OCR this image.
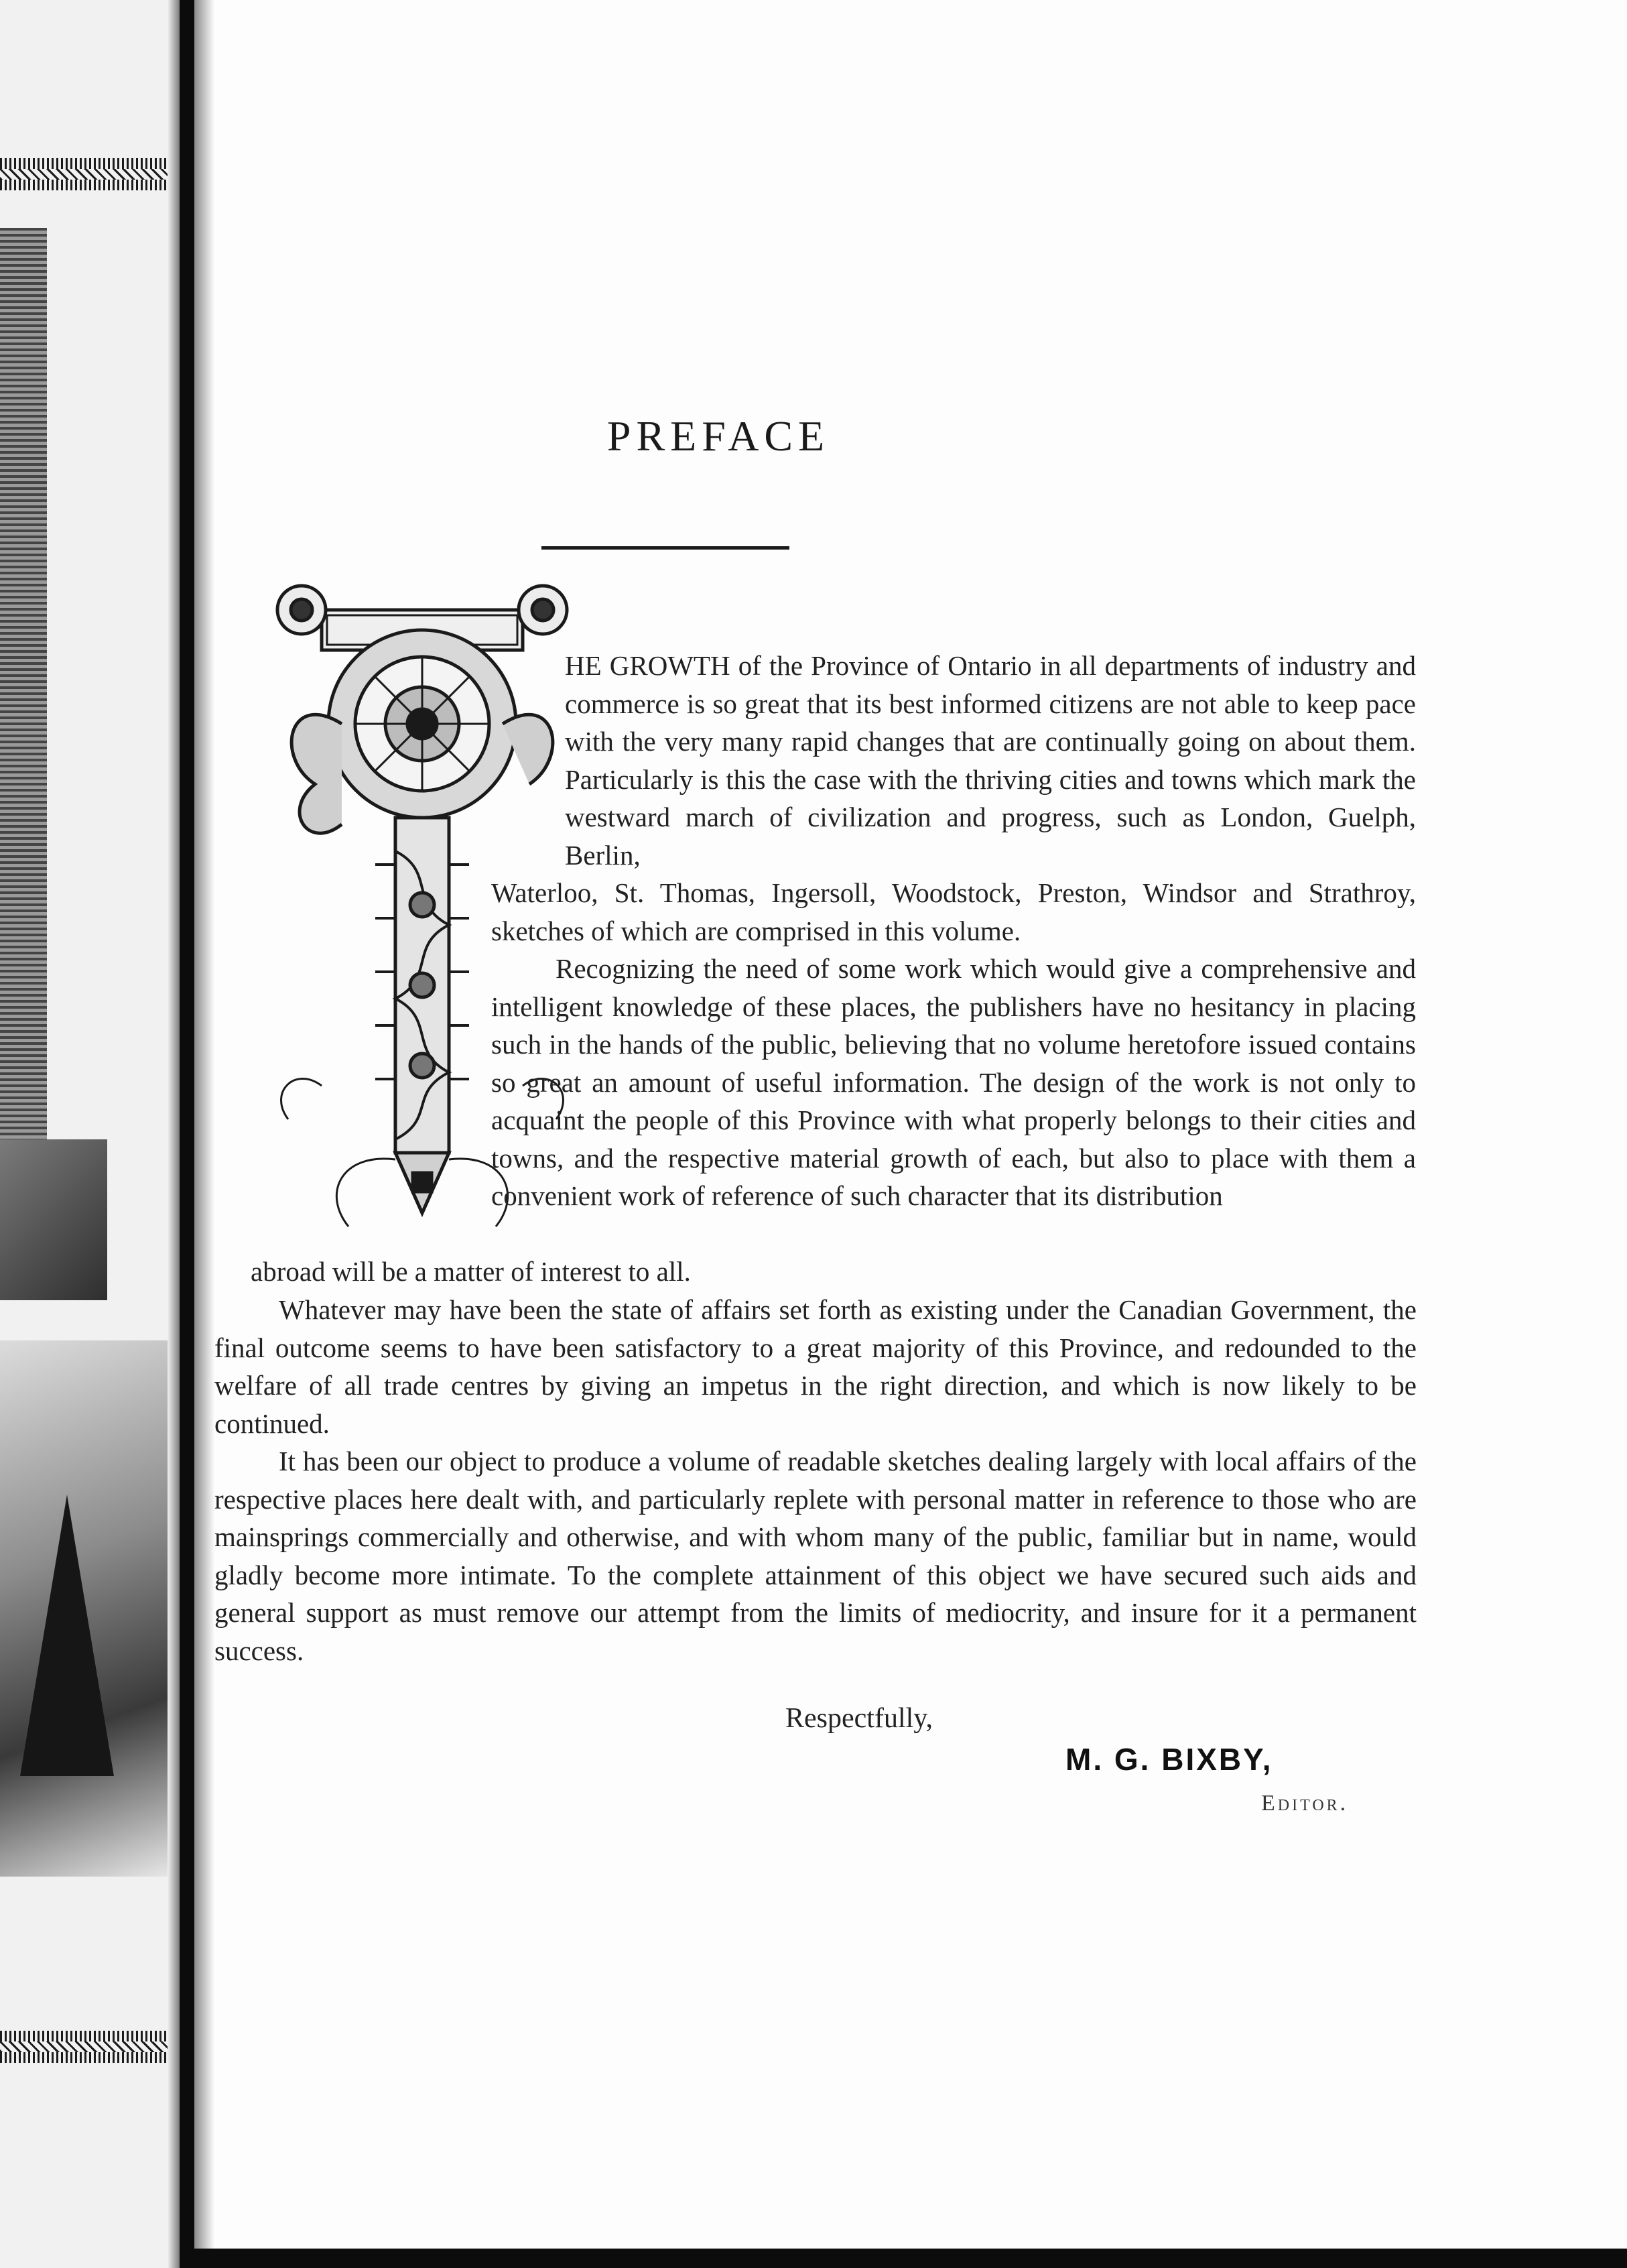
PREFACE

HE GROWTH of the Province of Ontario in all departments of industry and commerce is so great that its best informed citizens are not able to keep pace with the very many rapid changes that are continually going on about them. Particularly is this the case with the thriving cities and towns which mark the westward march of civilization and progress, such as London, Guelph, Berlin,

Waterloo, St. Thomas, Ingersoll, Woodstock, Preston, Windsor and Strathroy, sketches of which are comprised in this volume.

Recognizing the need of some work which would give a comprehensive and intelligent knowledge of these places, the publishers have no hesitancy in placing such in the hands of the public, believing that no volume heretofore issued contains so great an amount of useful information. The design of the work is not only to acquaint the people of this Province with what properly belongs to their cities and towns, and the respective material growth of each, but also to place with them a convenient work of reference of such character that its distribution

abroad will be a matter of interest to all.

Whatever may have been the state of affairs set forth as existing under the Canadian Government, the final outcome seems to have been satisfactory to a great majority of this Province, and redounded to the welfare of all trade centres by giving an impetus in the right direction, and which is now likely to be continued.

It has been our object to produce a volume of readable sketches dealing largely with local affairs of the respective places here dealt with, and particularly replete with personal matter in reference to those who are mainsprings commercially and otherwise, and with whom many of the public, familiar but in name, would gladly become more intimate. To the complete attainment of this object we have secured such aids and general support as must remove our attempt from the limits of mediocrity, and insure for it a permanent success.

Respectfully,
M. G. BIXBY,
Editor.
